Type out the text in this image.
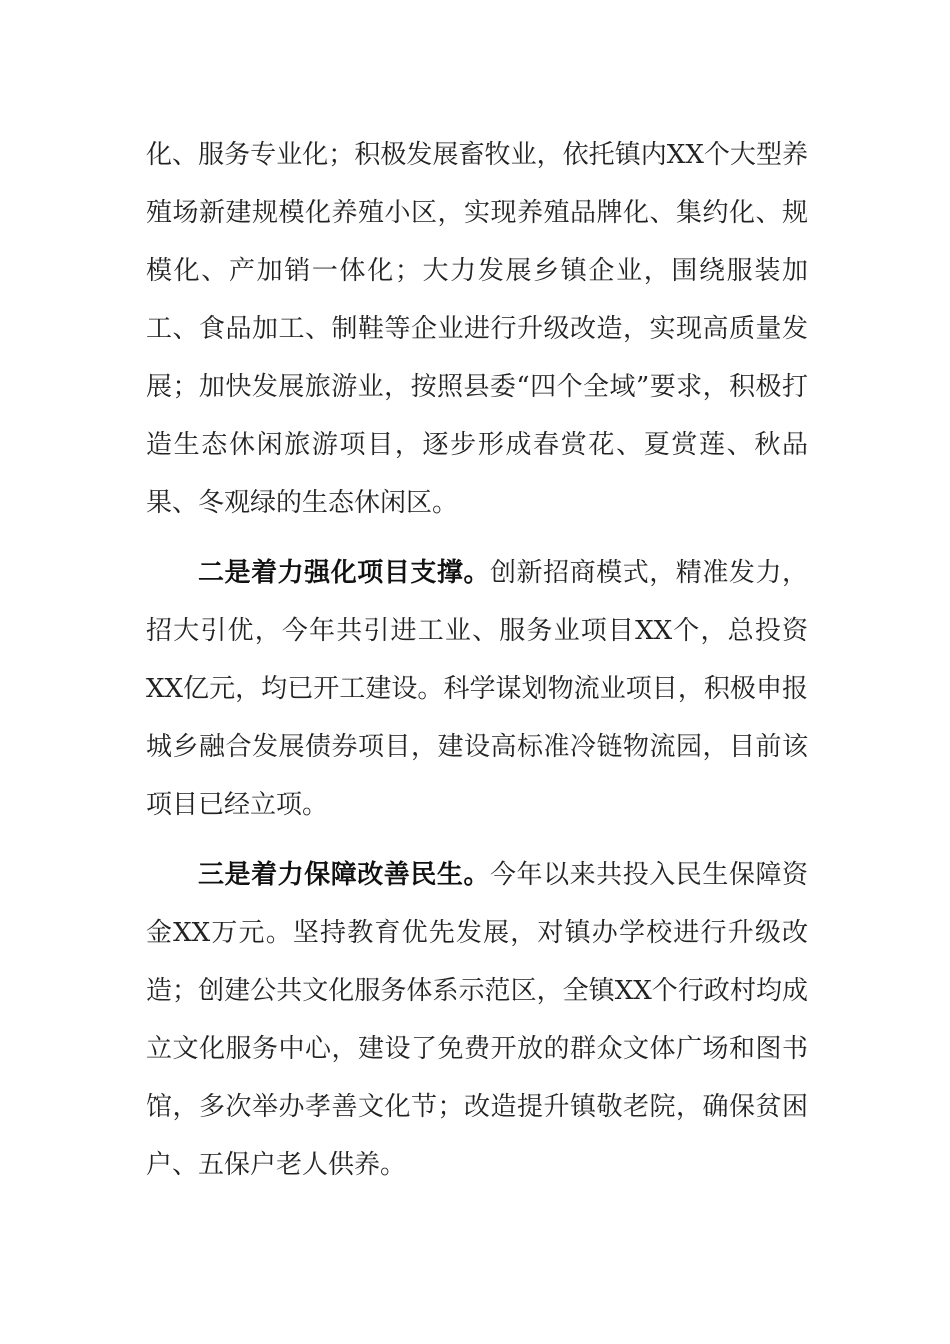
化、服务专业化；积极发展畜牧业，依托镇内XX个大型养殖场新建规模化养殖小区，实现养殖品牌化、集约化、规模化、产加销一体化；大力发展乡镇企业，围绕服装加工、食品加工、制鞋等企业进行升级改造，实现高质量发展；加快发展旅游业，按照县委“四个全域”要求，积极打造生态休闲旅游项目，逐步形成春赏花、夏赏莲、秋品果、冬观绿的生态休闲区。

二是着力强化项目支撑。创新招商模式，精准发力，招大引优，今年共引进工业、服务业项目XX个，总投资XX亿元，均已开工建设。科学谋划物流业项目，积极申报城乡融合发展债券项目，建设高标准冷链物流园，目前该项目已经立项。

三是着力保障改善民生。今年以来共投入民生保障资金XX万元。坚持教育优先发展，对镇办学校进行升级改造；创建公共文化服务体系示范区，全镇XX个行政村均成立文化服务中心，建设了免费开放的群众文体广场和图书馆，多次举办孝善文化节；改造提升镇敬老院，确保贫困户、五保户老人供养。
